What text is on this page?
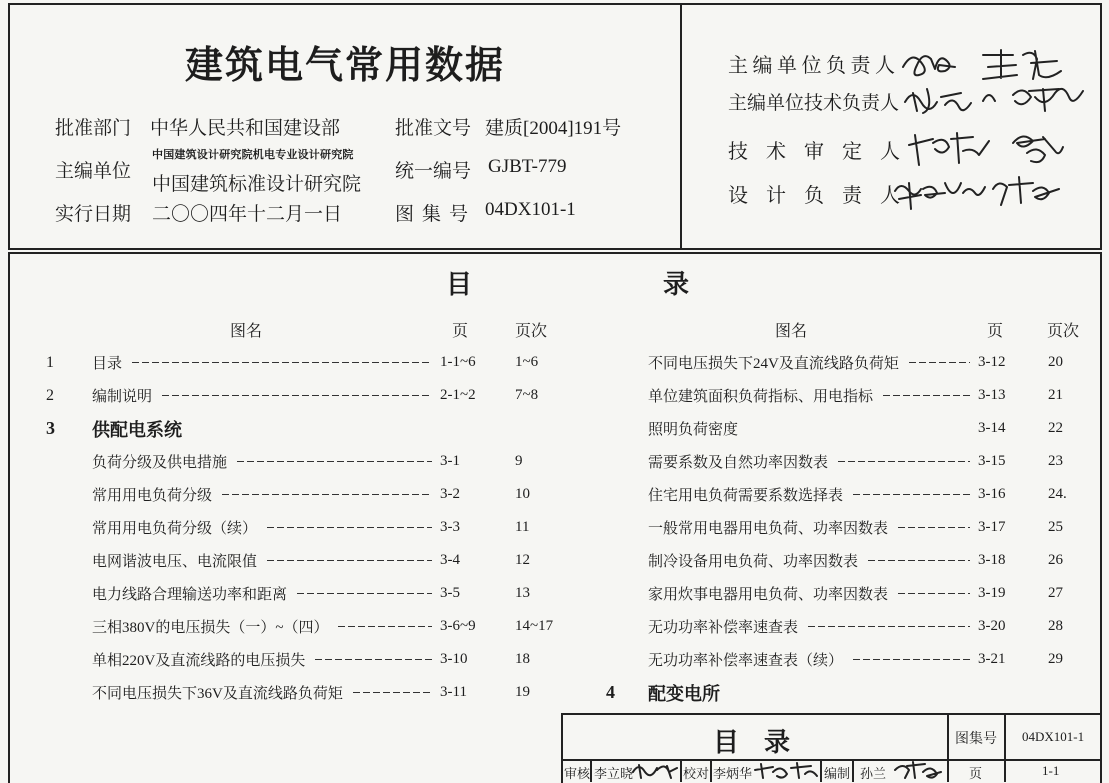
建筑电气常用数据
批准部门 中华人民共和国建设部	批准文号 建质[2004]191号
主编单位
中国建筑设计研究院机电专业设计研究院
中国建筑标准设计研究院
统一编号 GJBT-779
实行日期 二〇〇四年十二月一日	图集号 04DX101-1
主编单位负责人
主编单位技术负责人
技术审定人
设计负责人
目录
图名	页	页次	图名	页	页次
1	目录	1-1~6	1~6
2	编制说明	2-1~2	7~8
3	供配电系统
负荷分级及供电措施	3-1	9
常用用电负荷分级	3-2	10
常用用电负荷分级（续）	3-3	11
电网谐波电压、电流限值	3-4	12
电力线路合理输送功率和距离	3-5	13
三相380V的电压损失（一）~（四）	3-6~9	14~17
单相220V及直流线路的电压损失	3-10	18
不同电压损失下36V及直流线路负荷矩	3-11	19
不同电压损失下24V及直流线路负荷矩	3-12	20
单位建筑面积负荷指标、用电指标	3-13	21
照明负荷密度	3-14	22
需要系数及自然功率因数表	3-15	23
住宅用电负荷需要系数选择表	3-16	24.
一般常用电器用电负荷、功率因数表	3-17	25
制冷设备用电负荷、功率因数表	3-18	26
家用炊事电器用电负荷、功率因数表	3-19	27
无功功率补偿率速查表	3-20	28
无功功率补偿率速查表（续）	3-21	29
4	配变电所
目录	图集号 04DX101-1
审核 李立晓	校对 李炳华	编制 孙兰	页	1-1
